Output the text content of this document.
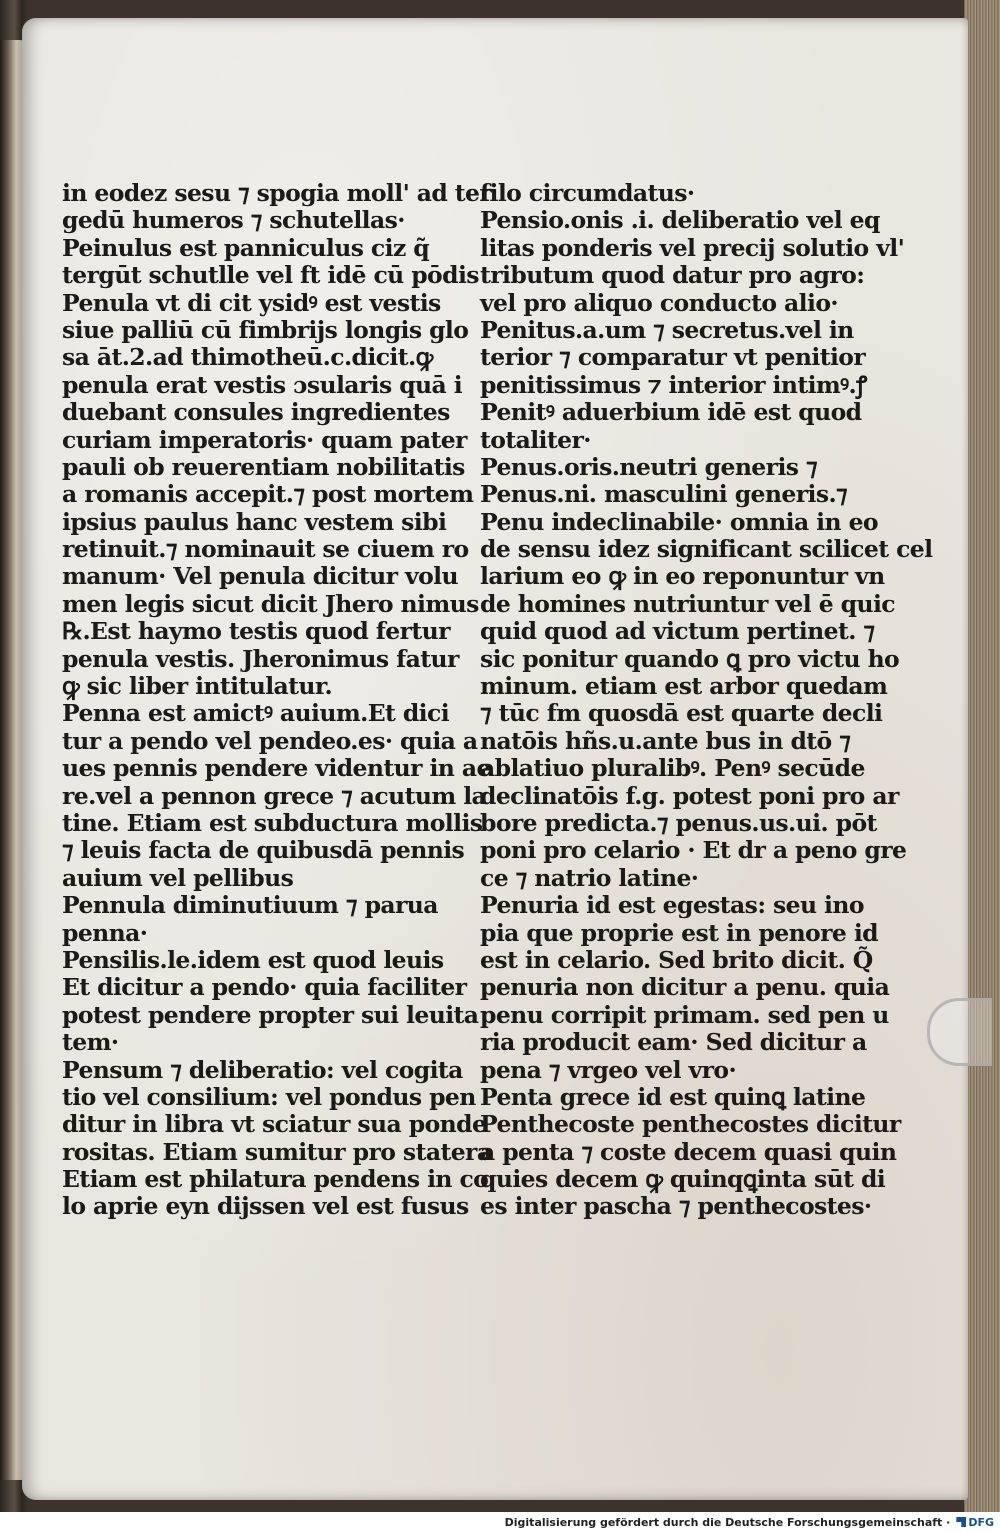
in eodez sesu ⁊ spogia moll' ad ter
gedū humeros ⁊ schutellas·
Peinulus est panniculus ciz q̃
tergūt schutlle vel ft idē cū pōdis
Penula vt di cit ysidꝰ est vestis
siue palliū cū fimbrijs longis glo
sa āt.2.ad thimotheū.c.dicit.ꝙ
penula erat vestis ɔsularis quā i
duebant consules ingredientes
curiam imperatoris· quam pater
pauli ob reuerentiam nobilitatis
a romanis accepit.⁊ post mortem
ipsius paulus hanc vestem sibi
retinuit.⁊ nominauit se ciuem ro
manum· Vel penula dicitur volu
men legis sicut dicit Jhero nimus
℞.Est haymo testis quod fertur
penula vestis. Jheronimus fatur
ꝙ sic liber intitulatur.
Penna est amictꝰ auium.Et dici
tur a pendo vel pendeo.es· quia a
ues pennis pendere videntur in ae
re.vel a pennon grece ⁊ acutum la
tine. Etiam est subductura mollis
⁊ leuis facta de quibusdā pennis
auium vel pellibus
Pennula diminutiuum ⁊ parua
penna·
Pensilis.le.idem est quod leuis
Et dicitur a pendo· quia faciliter
potest pendere propter sui leuita
tem·
Pensum ⁊ deliberatio: vel cogita
tio vel consilium: vel pondus pen
ditur in libra vt sciatur sua ponde
rositas. Etiam sumitur pro statera
Etiam est philatura pendens in co
lo aprie eyn dijssen vel est fusus
filo circumdatus·
Pensio.onis .i. deliberatio vel eq
litas ponderis vel precij solutio vl'
tributum quod datur pro agro:
vel pro aliquo conducto alio·
Penitus.a.um ⁊ secretus.vel in
terior ⁊ comparatur vt penitior
penitissimus ⁊ interior intimꝰ.ꝭ
Penitꝰ aduerbium idē est quod
totaliter·
Penus.oris.neutri generis ⁊
Penus.ni. masculini generis.⁊
Penu indeclinabile· omnia in eo
de sensu idez significant scilicet cel
larium eo ꝙ in eo reponuntur vn
de homines nutriuntur vel ē quic
quid quod ad victum pertinet. ⁊
sic ponitur quando ꝗ pro victu ho
minum. etiam est arbor quedam
⁊ tūc fm quosdā est quarte decli
natōis hñs.u.ante bus in dtō ⁊
ablatiuo pluralibꝰ. Penꝰ secūde
declinatōis f.g. potest poni pro ar
bore predicta.⁊ penus.us.ui. pōt
poni pro celario · Et dr a peno gre
ce ⁊ natrio latine·
Penuria id est egestas: seu ino
pia que proprie est in penore id
est in celario. Sed brito dicit. Q̃
penuria non dicitur a penu. quia
penu corripit primam. sed pen u
ria producit eam· Sed dicitur a
pena ⁊ vrgeo vel vro·
Penta grece id est quinꝗ latine
Penthecoste penthecostes dicitur
a penta ⁊ coste decem quasi quin
quies decem ꝙ quinqꝗinta sūt di
es inter pascha ⁊ penthecostes·
Digitalisierung gefördert durch die Deutsche Forschungsgemeinschaft · DFG
